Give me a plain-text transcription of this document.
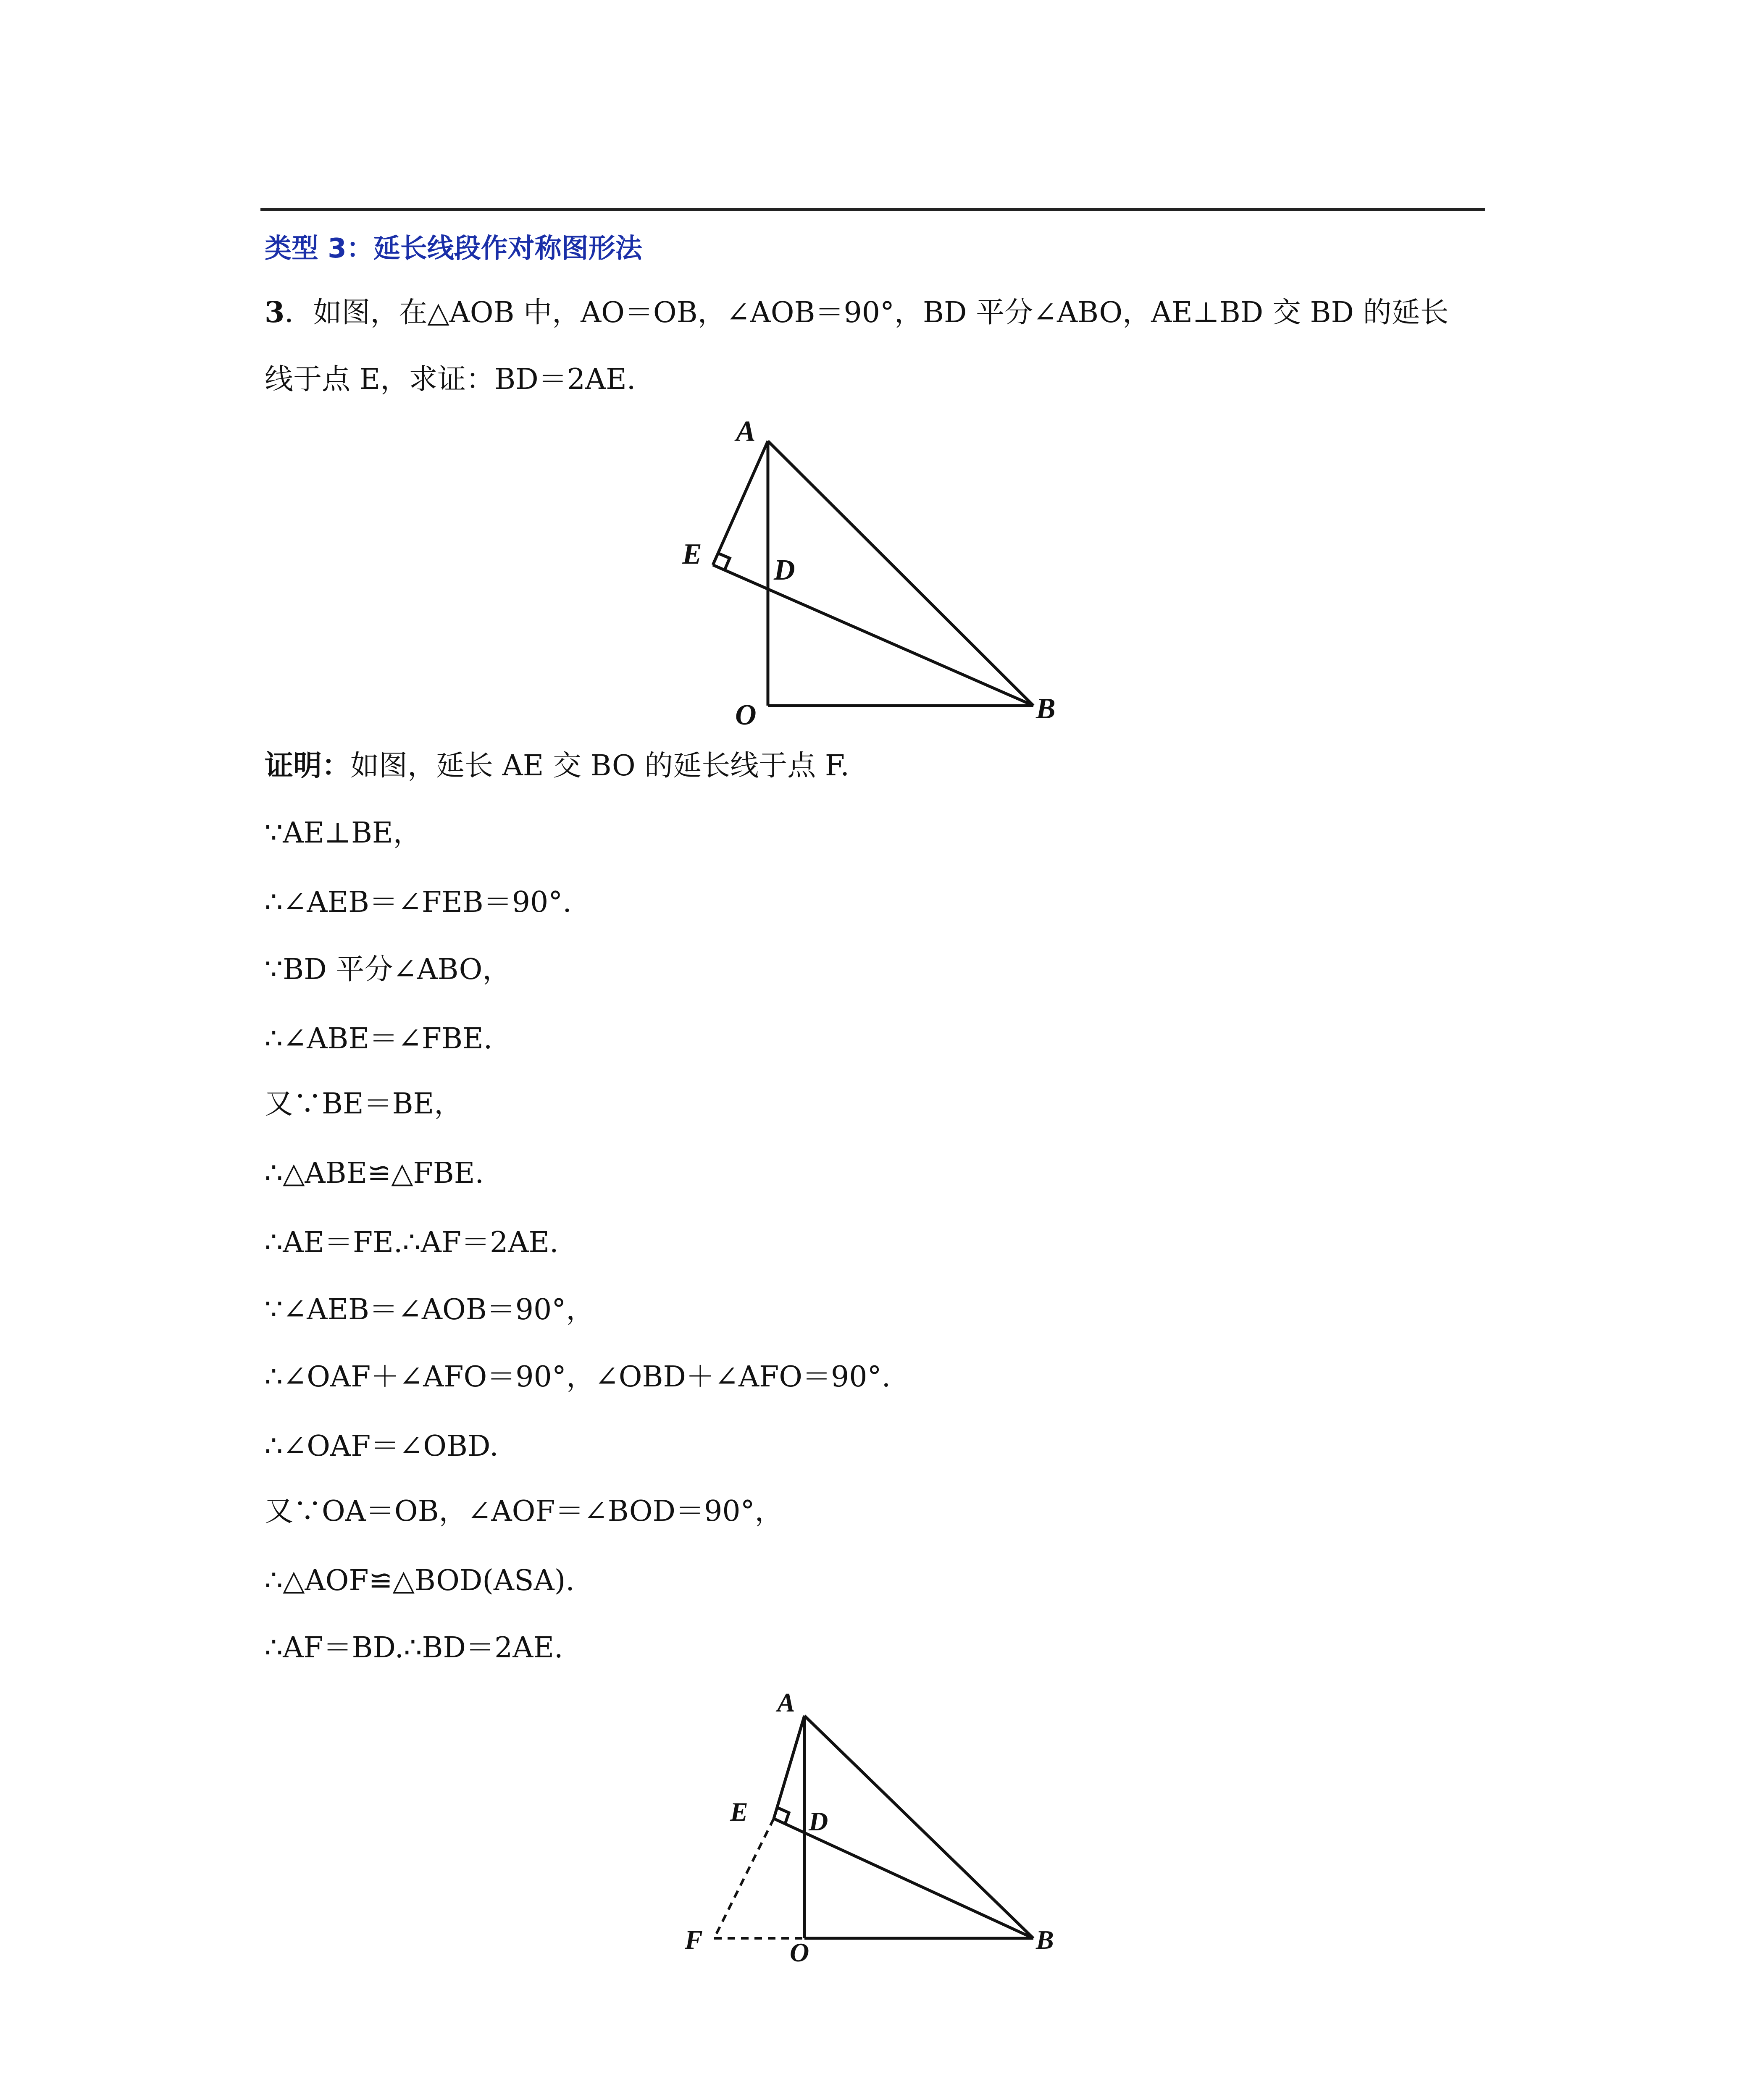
类型 3：延长线段作对称图形法
3．如图，在△AOB 中，AO＝OB，∠AOB＝90°，BD 平分∠ABO，AE⊥BD 交 BD 的延长
线于点 E，求证：BD＝2AE.
A
E D
O	B
证明：如图，延长 AE 交 BO 的延长线于点 F.
∵AE⊥BE，
∴∠AEB＝∠FEB＝90°.
∵BD 平分∠ABO，
∴∠ABE＝∠FBE.
又∵BE＝BE，
∴△ABE≌△FBE.
∴AE＝FE.∴AF＝2AE.
∵∠AEB＝∠AOB＝90°，
∴∠OAF＋∠AFO＝90°，∠OBD＋∠AFO＝90°.
∴∠OAF＝∠OBD.
又∵OA＝OB，∠AOF＝∠BOD＝90°，
∴△AOF≌△BOD(ASA).
∴AF＝BD.∴BD＝2AE.
A
E D
F	O	B
